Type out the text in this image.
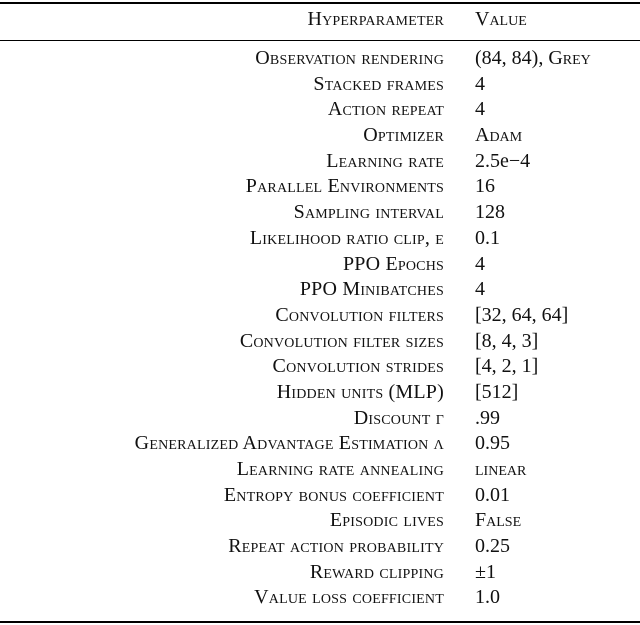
Hyperparameter	Value
Observation rendering	(84, 84), Grey
Stacked frames	4
Action repeat	4
Optimizer	Adam
Learning rate	2.5e−4
Parallel Environments	16
Sampling interval	128
Likelihood ratio clip, ϵ	0.1
PPO Epochs	4
PPO Minibatches	4
Convolution filters	[32, 64, 64]
Convolution filter sizes	[8, 4, 3]
Convolution strides	[4, 2, 1]
Hidden units (MLP)	[512]
Discount γ	.99
Generalized Advantage Estimation λ	0.95
Learning rate annealing	linear
Entropy bonus coefficient	0.01
Episodic lives	False
Repeat action probability	0.25
Reward clipping	±1
Value loss coefficient	1.0
